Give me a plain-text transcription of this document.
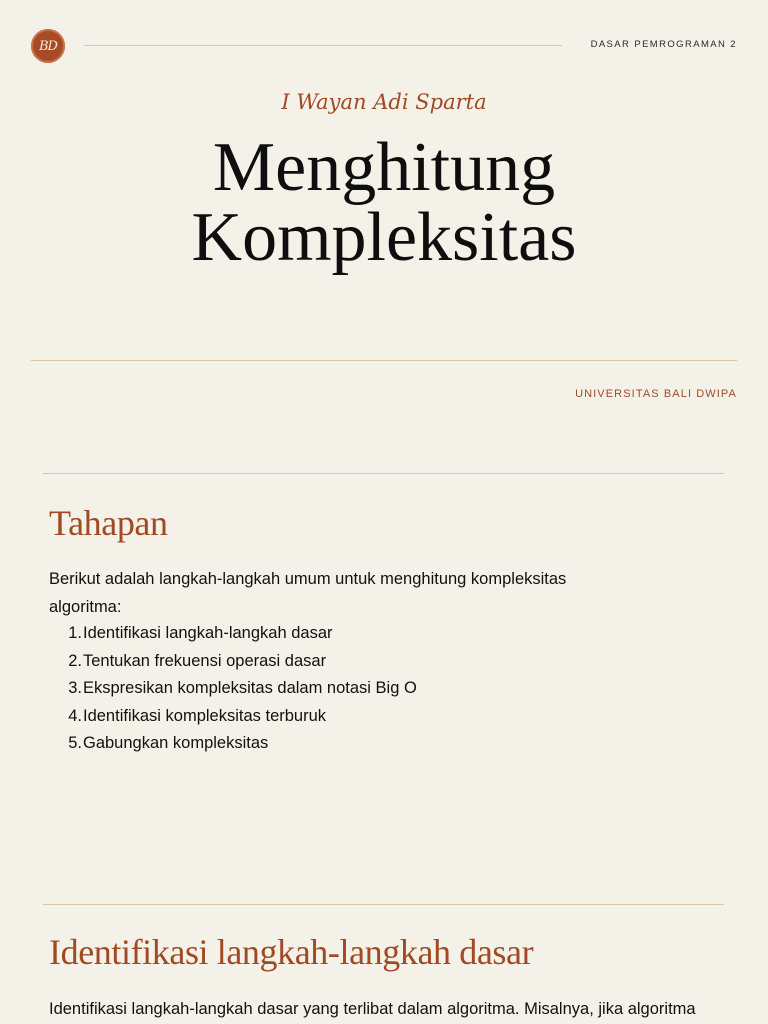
BD	DASAR PEMROGRAMAN 2
I Wayan Adi Sparta
Menghitung
Kompleksitas
UNIVERSITAS BALI DWIPA
Tahapan
Berikut adalah langkah-langkah umum untuk menghitung kompleksitas
algoritma:
1. Identifikasi langkah-langkah dasar
2. Tentukan frekuensi operasi dasar
3. Ekspresikan kompleksitas dalam notasi Big O
4. Identifikasi kompleksitas terburuk
5. Gabungkan kompleksitas
Identifikasi langkah-langkah dasar
Identifikasi langkah-langkah dasar yang terlibat dalam algoritma. Misalnya, jika algoritma
